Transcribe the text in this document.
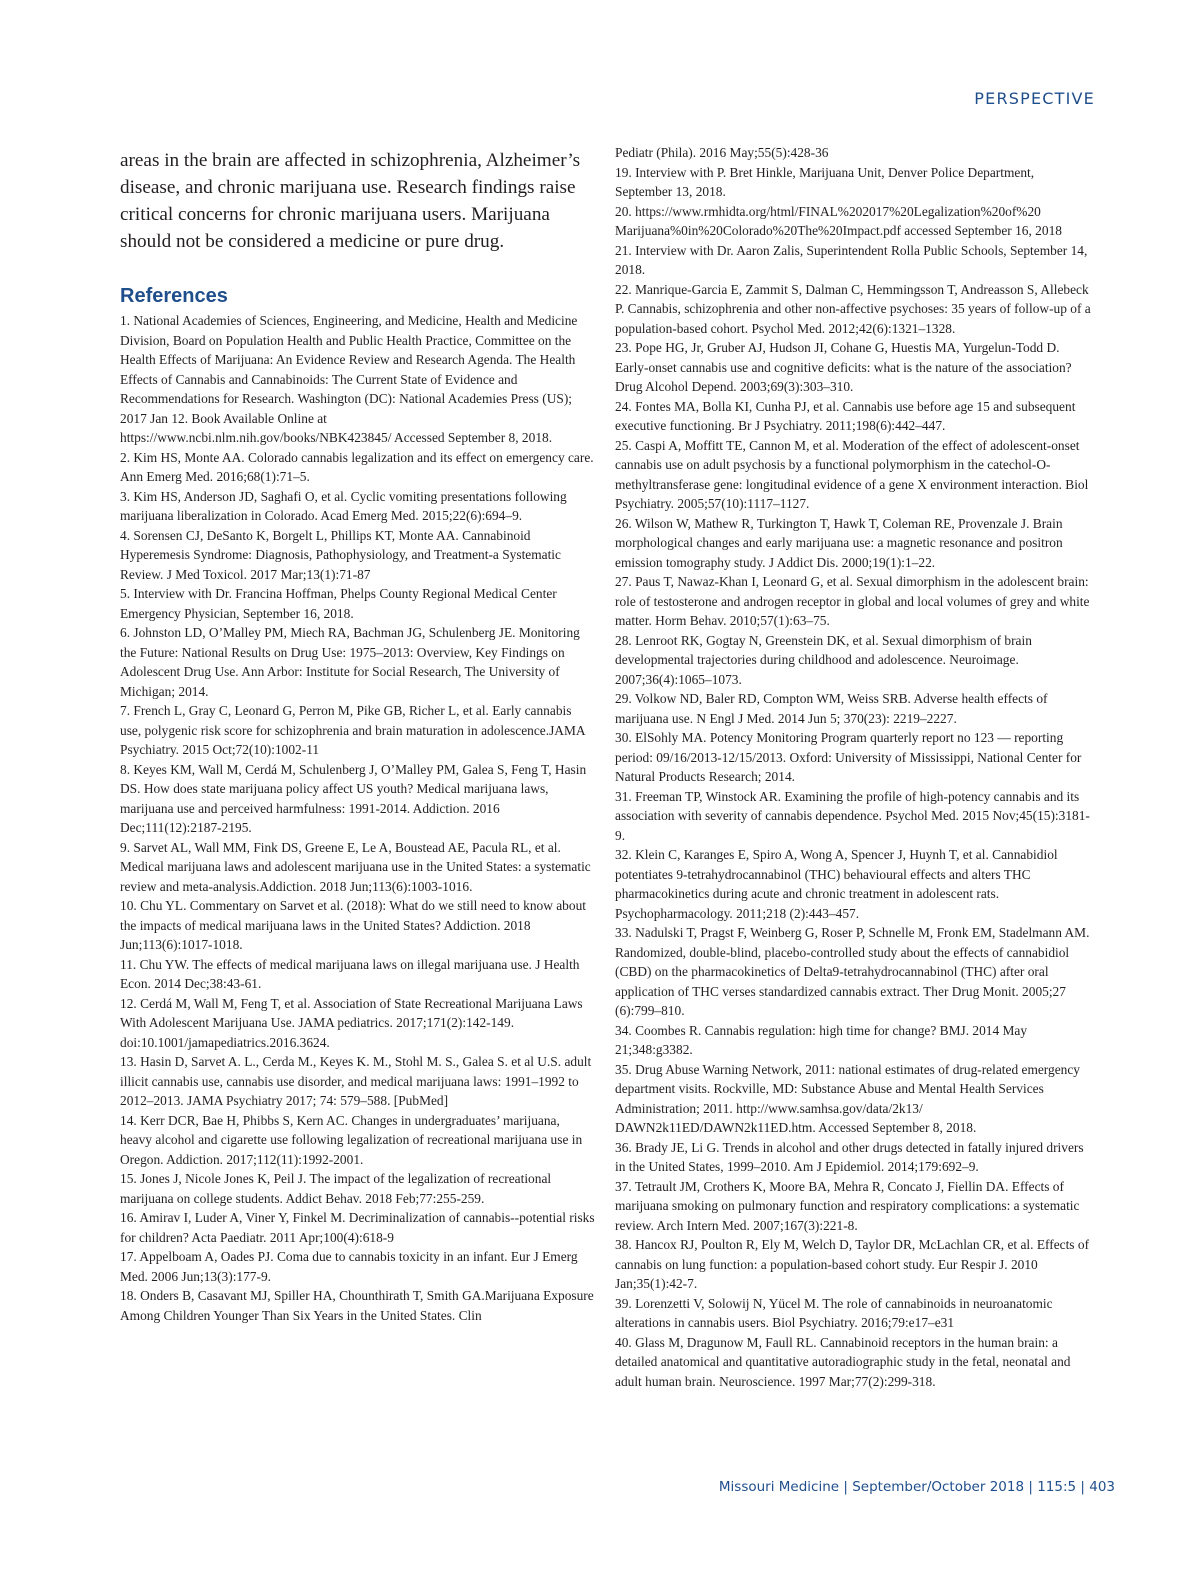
PERSPECTIVE

areas in the brain are affected in schizophrenia, Alzheimer’s disease, and chronic marijuana use. Research findings raise critical concerns for chronic marijuana users. Marijuana should not be considered a medicine or pure drug.

References

1. National Academies of Sciences, Engineering, and Medicine, Health and Medicine Division, Board on Population Health and Public Health Practice, Committee on the Health Effects of Marijuana: An Evidence Review and Research Agenda. The Health Effects of Cannabis and Cannabinoids: The Current State of Evidence and Recommendations for Research. Washington (DC): National Academies Press (US); 2017 Jan 12. Book Available Online at https://www.ncbi.nlm.nih.gov/books/NBK423845/ Accessed September 8, 2018.

2. Kim HS, Monte AA. Colorado cannabis legalization and its effect on emergency care. Ann Emerg Med. 2016;68(1):71–5.

3. Kim HS, Anderson JD, Saghafi O, et al. Cyclic vomiting presentations following marijuana liberalization in Colorado. Acad Emerg Med. 2015;22(6):694–9.

4. Sorensen CJ, DeSanto K, Borgelt L, Phillips KT, Monte AA. Cannabinoid Hyperemesis Syndrome: Diagnosis, Pathophysiology, and Treatment-a Systematic Review. J Med Toxicol. 2017 Mar;13(1):71-87

5. Interview with Dr. Francina Hoffman, Phelps County Regional Medical Center Emergency Physician, September 16, 2018.

6. Johnston LD, O’Malley PM, Miech RA, Bachman JG, Schulenberg JE. Monitoring the Future: National Results on Drug Use: 1975–2013: Overview, Key Findings on Adolescent Drug Use. Ann Arbor: Institute for Social Research, The University of Michigan; 2014.

7. French L, Gray C, Leonard G, Perron M, Pike GB, Richer L, et al. Early cannabis use, polygenic risk score for schizophrenia and brain maturation in adolescence.JAMA Psychiatry. 2015 Oct;72(10):1002-11

8. Keyes KM, Wall M, Cerdá M, Schulenberg J, O’Malley PM, Galea S, Feng T, Hasin DS. How does state marijuana policy affect US youth? Medical marijuana laws, marijuana use and perceived harmfulness: 1991-2014. Addiction. 2016 Dec;111(12):2187-2195.

9. Sarvet AL, Wall MM, Fink DS, Greene E, Le A, Boustead AE, Pacula RL, et al. Medical marijuana laws and adolescent marijuana use in the United States: a systematic review and meta-analysis.Addiction. 2018 Jun;113(6):1003-1016.

10. Chu YL. Commentary on Sarvet et al. (2018): What do we still need to know about the impacts of medical marijuana laws in the United States? Addiction. 2018 Jun;113(6):1017-1018.

11. Chu YW. The effects of medical marijuana laws on illegal marijuana use. J Health Econ. 2014 Dec;38:43-61.

12. Cerdá M, Wall M, Feng T, et al. Association of State Recreational Marijuana Laws With Adolescent Marijuana Use. JAMA pediatrics. 2017;171(2):142-149. doi:10.1001/jamapediatrics.2016.3624.

13. Hasin D, Sarvet A. L., Cerda M., Keyes K. M., Stohl M. S., Galea S. et al U.S. adult illicit cannabis use, cannabis use disorder, and medical marijuana laws: 1991–1992 to 2012–2013. JAMA Psychiatry 2017; 74: 579–588. [PubMed]

14. Kerr DCR, Bae H, Phibbs S, Kern AC. Changes in undergraduates’ marijuana, heavy alcohol and cigarette use following legalization of recreational marijuana use in Oregon. Addiction. 2017;112(11):1992-2001.

15. Jones J, Nicole Jones K, Peil J. The impact of the legalization of recreational marijuana on college students. Addict Behav. 2018 Feb;77:255-259.

16. Amirav I, Luder A, Viner Y, Finkel M. Decriminalization of cannabis--potential risks for children? Acta Paediatr. 2011 Apr;100(4):618-9

17. Appelboam A, Oades PJ. Coma due to cannabis toxicity in an infant. Eur J Emerg Med. 2006 Jun;13(3):177-9.

18. Onders B, Casavant MJ, Spiller HA, Chounthirath T, Smith GA.Marijuana Exposure Among Children Younger Than Six Years in the United States. Clin

Pediatr (Phila). 2016 May;55(5):428-36

19. Interview with P. Bret Hinkle, Marijuana Unit, Denver Police Department, September 13, 2018.

20. https://www.rmhidta.org/html/FINAL%202017%20Legalization%20of%20 Marijuana%0in%20Colorado%20The%20Impact.pdf accessed September 16, 2018

21. Interview with Dr. Aaron Zalis, Superintendent Rolla Public Schools, September 14, 2018.

22. Manrique-Garcia E, Zammit S, Dalman C, Hemmingsson T, Andreasson S, Allebeck P. Cannabis, schizophrenia and other non-affective psychoses: 35 years of follow-up of a population-based cohort. Psychol Med. 2012;42(6):1321–1328.

23. Pope HG, Jr, Gruber AJ, Hudson JI, Cohane G, Huestis MA, Yurgelun-Todd D. Early-onset cannabis use and cognitive deficits: what is the nature of the association? Drug Alcohol Depend. 2003;69(3):303–310.

24. Fontes MA, Bolla KI, Cunha PJ, et al. Cannabis use before age 15 and subsequent executive functioning. Br J Psychiatry. 2011;198(6):442–447.

25. Caspi A, Moffitt TE, Cannon M, et al. Moderation of the effect of adolescent-onset cannabis use on adult psychosis by a functional polymorphism in the catechol-O-methyltransferase gene: longitudinal evidence of a gene X environment interaction. Biol Psychiatry. 2005;57(10):1117–1127.

26. Wilson W, Mathew R, Turkington T, Hawk T, Coleman RE, Provenzale J. Brain morphological changes and early marijuana use: a magnetic resonance and positron emission tomography study. J Addict Dis. 2000;19(1):1–22.

27. Paus T, Nawaz-Khan I, Leonard G, et al. Sexual dimorphism in the adolescent brain: role of testosterone and androgen receptor in global and local volumes of grey and white matter. Horm Behav. 2010;57(1):63–75.

28. Lenroot RK, Gogtay N, Greenstein DK, et al. Sexual dimorphism of brain developmental trajectories during childhood and adolescence. Neuroimage. 2007;36(4):1065–1073.

29. Volkow ND, Baler RD, Compton WM, Weiss SRB. Adverse health effects of marijuana use. N Engl J Med. 2014 Jun 5; 370(23): 2219–2227.

30. ElSohly MA. Potency Monitoring Program quarterly report no 123 — reporting period: 09/16/2013-12/15/2013. Oxford: University of Mississippi, National Center for Natural Products Research; 2014.

31. Freeman TP, Winstock AR. Examining the profile of high-potency cannabis and its association with severity of cannabis dependence. Psychol Med. 2015 Nov;45(15):3181-9.

32. Klein C, Karanges E, Spiro A, Wong A, Spencer J, Huynh T, et al. Cannabidiol potentiates 9-tetrahydrocannabinol (THC) behavioural effects and alters THC pharmacokinetics during acute and chronic treatment in adolescent rats. Psychopharmacology. 2011;218 (2):443–457.

33. Nadulski T, Pragst F, Weinberg G, Roser P, Schnelle M, Fronk EM, Stadelmann AM. Randomized, double-blind, placebo-controlled study about the effects of cannabidiol (CBD) on the pharmacokinetics of Delta9-tetrahydrocannabinol (THC) after oral application of THC verses standardized cannabis extract. Ther Drug Monit. 2005;27 (6):799–810.

34. Coombes R. Cannabis regulation: high time for change? BMJ. 2014 May 21;348:g3382.

35. Drug Abuse Warning Network, 2011: national estimates of drug-related emergency department visits. Rockville, MD: Substance Abuse and Mental Health Services Administration; 2011. http://www.samhsa.gov/data/2k13/ DAWN2k11ED/DAWN2k11ED.htm. Accessed September 8, 2018.

36. Brady JE, Li G. Trends in alcohol and other drugs detected in fatally injured drivers in the United States, 1999–2010. Am J Epidemiol. 2014;179:692–9.

37. Tetrault JM, Crothers K, Moore BA, Mehra R, Concato J, Fiellin DA. Effects of marijuana smoking on pulmonary function and respiratory complications: a systematic review. Arch Intern Med. 2007;167(3):221-8.

38. Hancox RJ, Poulton R, Ely M, Welch D, Taylor DR, McLachlan CR, et al. Effects of cannabis on lung function: a population-based cohort study. Eur Respir J. 2010 Jan;35(1):42-7.

39. Lorenzetti V, Solowij N, Yücel M. The role of cannabinoids in neuroanatomic alterations in cannabis users. Biol Psychiatry. 2016;79:e17–e31

40. Glass M, Dragunow M, Faull RL. Cannabinoid receptors in the human brain: a detailed anatomical and quantitative autoradiographic study in the fetal, neonatal and adult human brain. Neuroscience. 1997 Mar;77(2):299-318.

Missouri Medicine | September/October 2018 | 115:5 | 403
